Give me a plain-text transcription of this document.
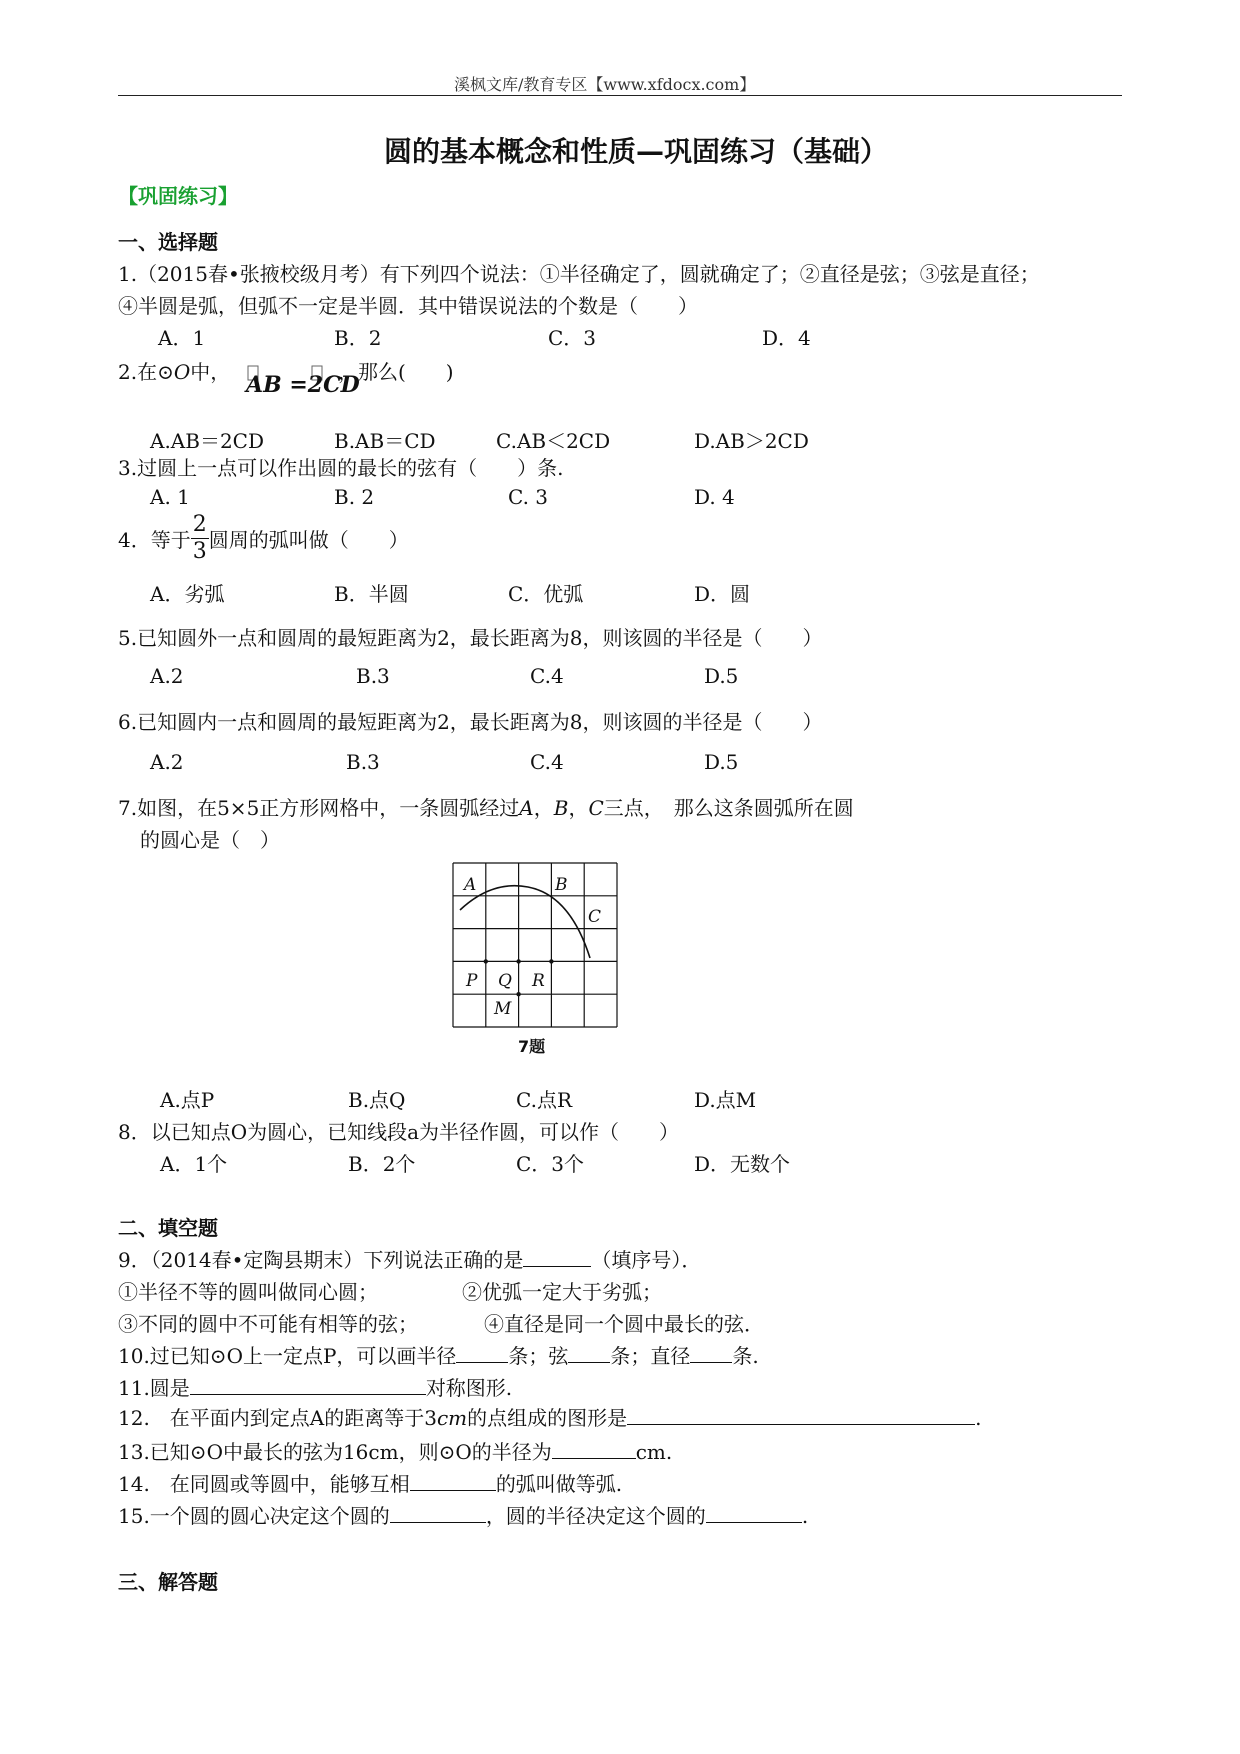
溪枫文库/教育专区【www.xfdocx.com】
圆的基本概念和性质—巩固练习（基础）
【巩固练习】
一、选择题
1.（2015春•张掖校级月考）有下列四个说法：①半径确定了，圆就确定了；②直径是弦；③弦是直径；
④半圆是弧，但弧不一定是半圆．其中错误说法的个数是（　　）
A．1	B．2	C．3	D．4
2.在⊙O中， AB =2CD
，那么(　　)
A.AB＝2CD	B.AB＝CD	C.AB＜2CD	D.AB＞2CD
3.过圆上一点可以作出圆的最长的弦有（　　）条.
A. 1	B. 2	C. 3	D. 4
4．等于 $\frac{2}{3}$ 圆周的弧叫做（　　）
A．劣弧	B．半圆	C．优弧	D．圆
5.已知圆外一点和圆周的最短距离为2，最长距离为8，则该圆的半径是（　　）
A.2	B.3	C.4	D.5
6.已知圆内一点和圆周的最短距离为2，最长距离为8，则该圆的半径是（　　）
A.2	B.3	C.4	D.5
7.如图，在5×5正方形网格中，一条圆弧经过A，B，C三点，　那么这条圆弧所在圆
的圆心是（　）
A	B
C
P Q R
M
7题
A.点P	B.点Q	C.点R	D.点M
8．以已知点O为圆心，已知线段a为半径作圆，可以作（　　）
A．1个	B．2个	C．3个	D．无数个
二、填空题
9．（2014春•定陶县期末）下列说法正确的是	（填序号）．
①半径不等的圆叫做同心圆；	②优弧一定大于劣弧；
③不同的圆中不可能有相等的弦；	④直径是同一个圆中最长的弦．
10.过已知⊙O上一定点P，可以画半径	条；弦 条；直径 条.
11.圆是	对称图形.
12.　在平面内到定点A的距离等于3cm的点组成的图形是	.
13.已知⊙O中最长的弦为16cm，则⊙O的半径为	cm.
14.　在同圆或等圆中，能够互相	的弧叫做等弧.
15.一个圆的圆心决定这个圆的	，圆的半径决定这个圆的	.
三、解答题
